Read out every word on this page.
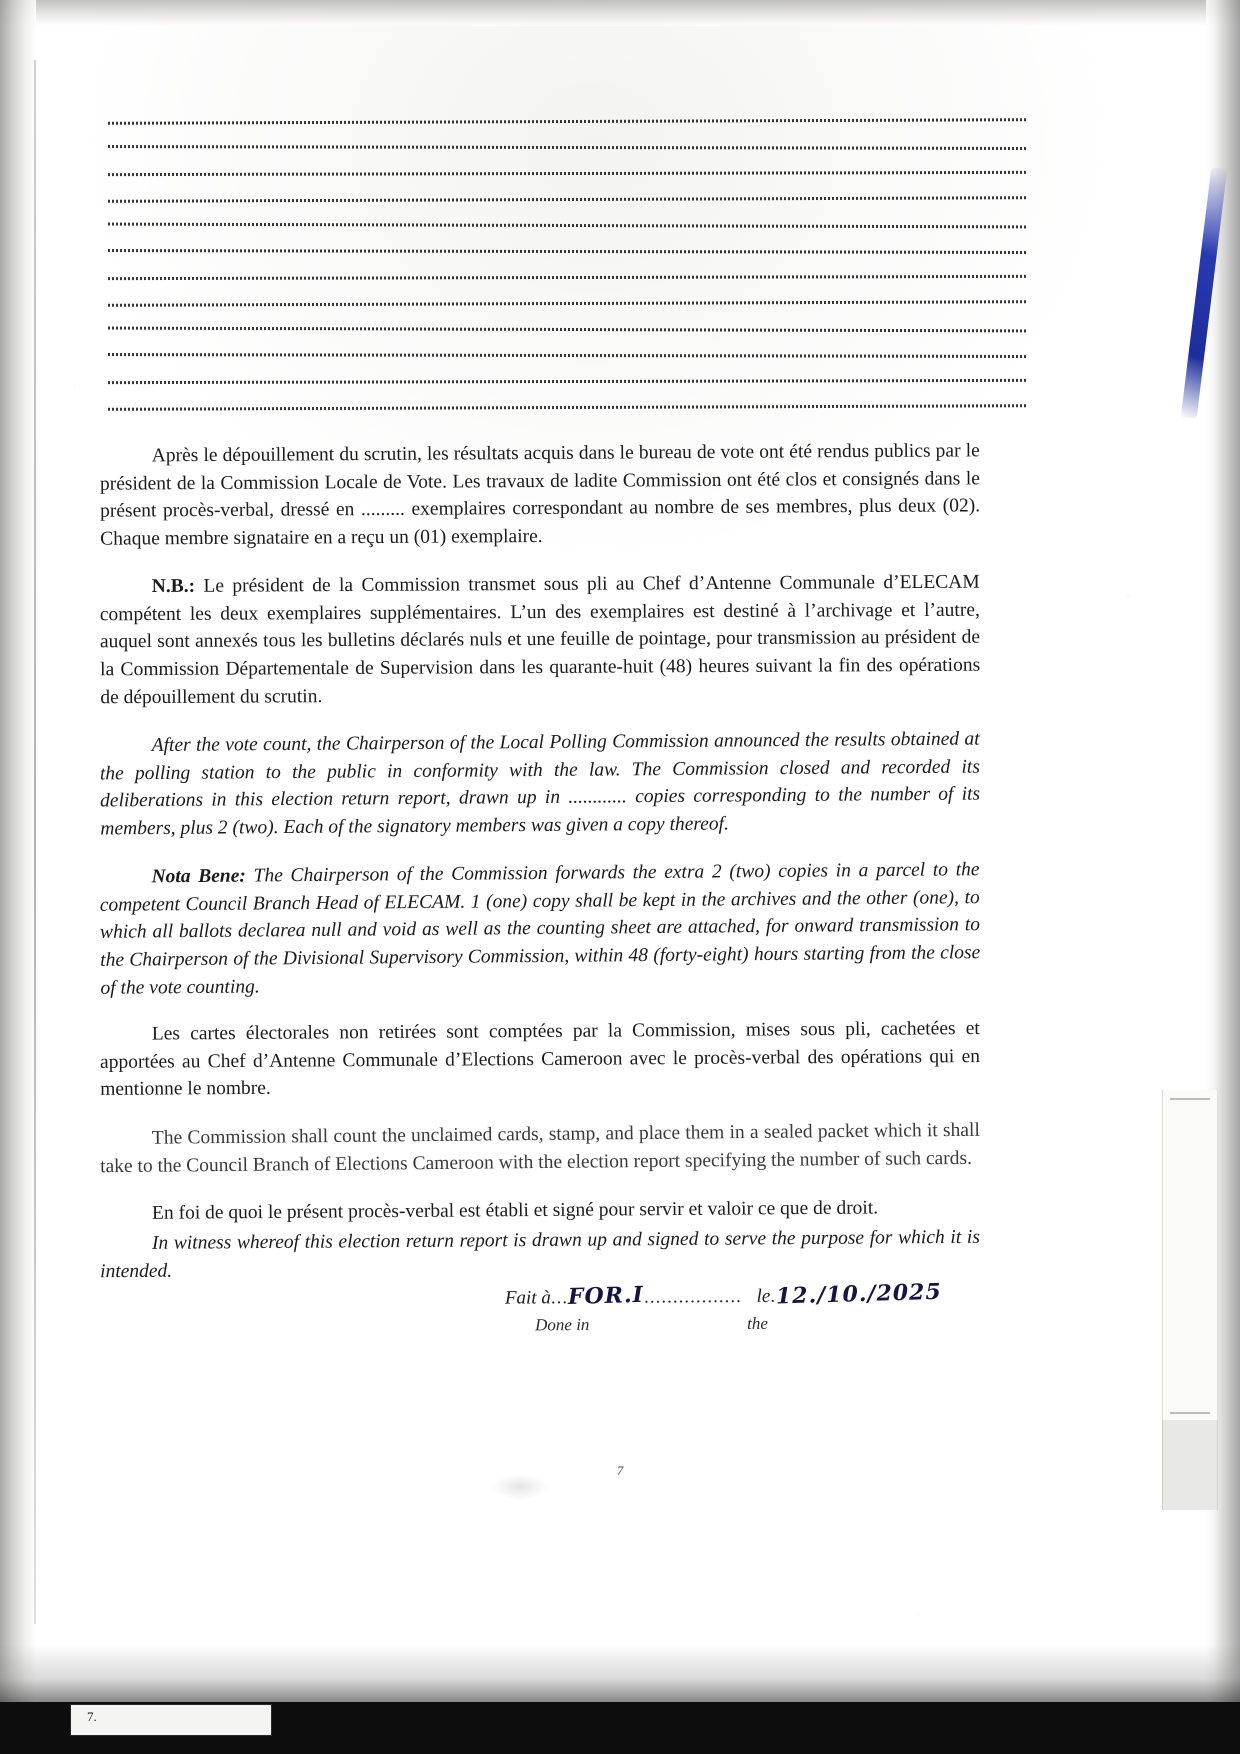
Après le dépouillement du scrutin, les résultats acquis dans le bureau de vote ont été rendus publics par le président de la Commission Locale de Vote. Les travaux de ladite Commission ont été clos et consignés dans le présent procès-verbal, dressé en ......... exemplaires correspondant au nombre de ses membres, plus deux (02). Chaque membre signataire en a reçu un (01) exemplaire.

N.B.: Le président de la Commission transmet sous pli au Chef d’Antenne Communale d’ELECAM compétent les deux exemplaires supplémentaires. L’un des exemplaires est destiné à l’archivage et l’autre, auquel sont annexés tous les bulletins déclarés nuls et une feuille de pointage, pour transmission au président de la Commission Départementale de Supervision dans les quarante-huit (48) heures suivant la fin des opérations de dépouillement du scrutin.

After the vote count, the Chairperson of the Local Polling Commission announced the results obtained at the polling station to the public in conformity with the law. The Commission closed and recorded its deliberations in this election return report, drawn up in ............ copies corresponding to the number of its members, plus 2 (two). Each of the signatory members was given a copy thereof.

Nota Bene: The Chairperson of the Commission forwards the extra 2 (two) copies in a parcel to the competent Council Branch Head of ELECAM. 1 (one) copy shall be kept in the archives and the other (one), to which all ballots declarea null and void as well as the counting sheet are attached, for onward transmission to the Chairperson of the Divisional Supervisory Commission, within 48 (forty-eight) hours starting from the close of the vote counting.

Les cartes électorales non retirées sont comptées par la Commission, mises sous pli, cachetées et apportées au Chef d’Antenne Communale d’Elections Cameroon avec le procès-verbal des opérations qui en mentionne le nombre.

The Commission shall count the unclaimed cards, stamp, and place them in a sealed packet which it shall take to the Council Branch of Elections Cameroon with the election report specifying the number of such cards.

En foi de quoi le présent procès-verbal est établi et signé pour servir et valoir ce que de droit.

In witness whereof this election return report is drawn up and signed to serve the purpose for which it is intended.

Fait à...FOR.I................. le.12./10./2025
Done in	the
7
7.
